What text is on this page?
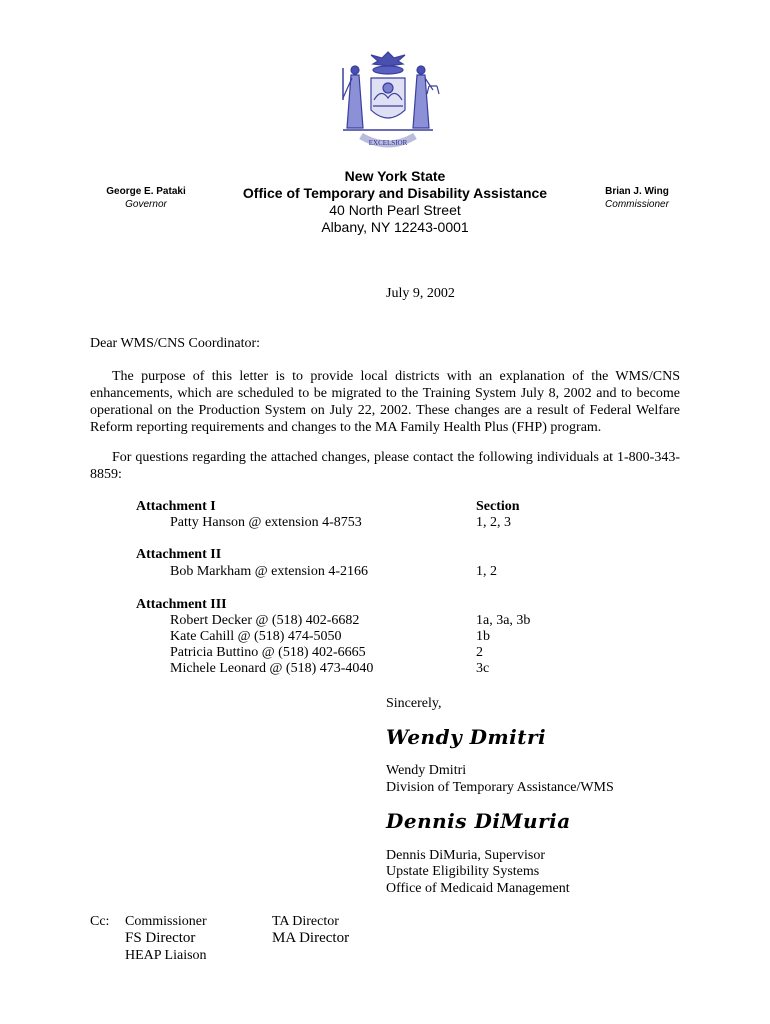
EXCELSIOR
George E. Pataki
Governor
New York State
Office of Temporary and Disability Assistance
40 North Pearl Street
Albany, NY 12243-0001
Brian J. Wing
Commissioner
July 9, 2002
Dear WMS/CNS Coordinator:

The purpose of this letter is to provide local districts with an explanation of the WMS/CNS enhancements, which are scheduled to be migrated to the Training System July 8, 2002 and to become operational on the Production System on July 22, 2002. These changes are a result of Federal Welfare Reform reporting requirements and changes to the MA Family Health Plus (FHP) program.

For questions regarding the attached changes, please contact the following individuals at 1-800-343-8859:

Attachment I	Section
Patty Hanson @ extension 4-8753	1, 2, 3
Attachment II
Bob Markham @ extension 4-2166	1, 2
Attachment III
Robert Decker @ (518) 402-6682	1a, 3a, 3b
Kate Cahill @ (518) 474-5050	1b
Patricia Buttino @ (518) 402-6665	2
Michele Leonard @ (518) 473-4040	3c
Sincerely,
Wendy Dmitri
Wendy Dmitri
Division of Temporary Assistance/WMS
Dennis DiMuria
Dennis DiMuria, Supervisor
Upstate Eligibility Systems
Office of Medicaid Management
Cc: Commissioner
FS Director
HEAP Liaison
TA Director
MA Director
